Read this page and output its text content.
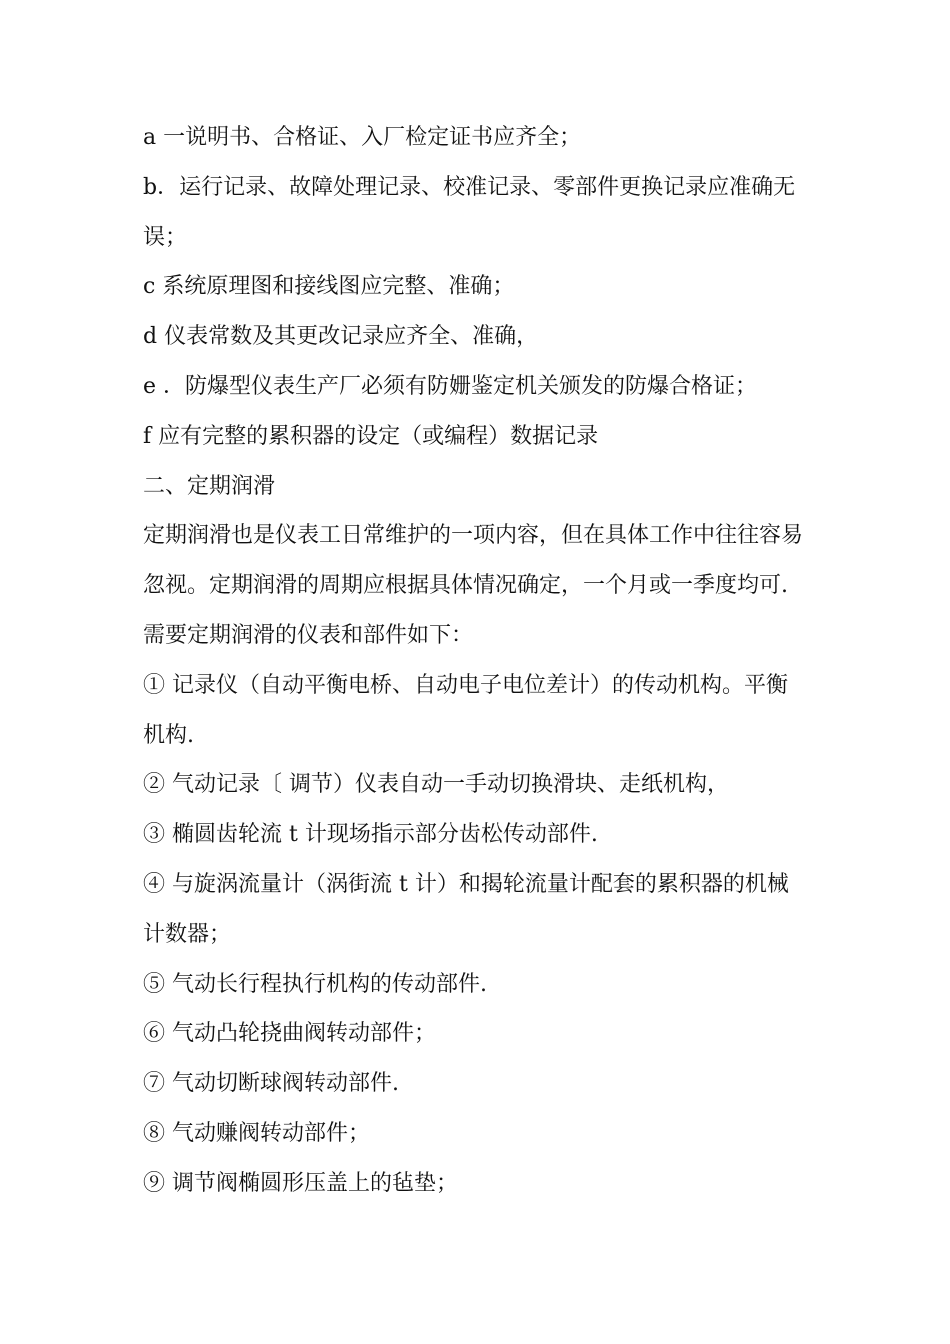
a 一说明书、合格证、入厂检定证书应齐全；
b．运行记录、故障处理记录、校准记录、零部件更换记录应准确无
误；
c 系统原理图和接线图应完整、准确；
d 仪表常数及其更改记录应齐全、准确，
e ．防爆型仪表生产厂必须有防姗鉴定机关颁发的防爆合格证；
f 应有完整的累积器的设定（或编程）数据记录
二、定期润滑
定期润滑也是仪表工日常维护的一项内容，但在具体工作中往往容易
忽视。定期润滑的周期应根据具体情况确定，一个月或一季度均可.
需要定期润滑的仪表和部件如下：
① 记录仪（自动平衡电桥、自动电子电位差计）的传动机构。平衡
机构.
② 气动记录〔 调节）仪表自动一手动切换滑块、走纸机构，
③ 椭圆齿轮流 t 计现场指示部分齿松传动部件.
④ 与旋涡流量计（涡街流 t 计）和揭轮流量计配套的累积器的机械
计数器；
⑤ 气动长行程执行机构的传动部件.
⑥ 气动凸轮挠曲阀转动部件；
⑦ 气动切断球阀转动部件.
⑧ 气动赚阀转动部件；
⑨ 调节阀椭圆形压盖上的毡垫；
